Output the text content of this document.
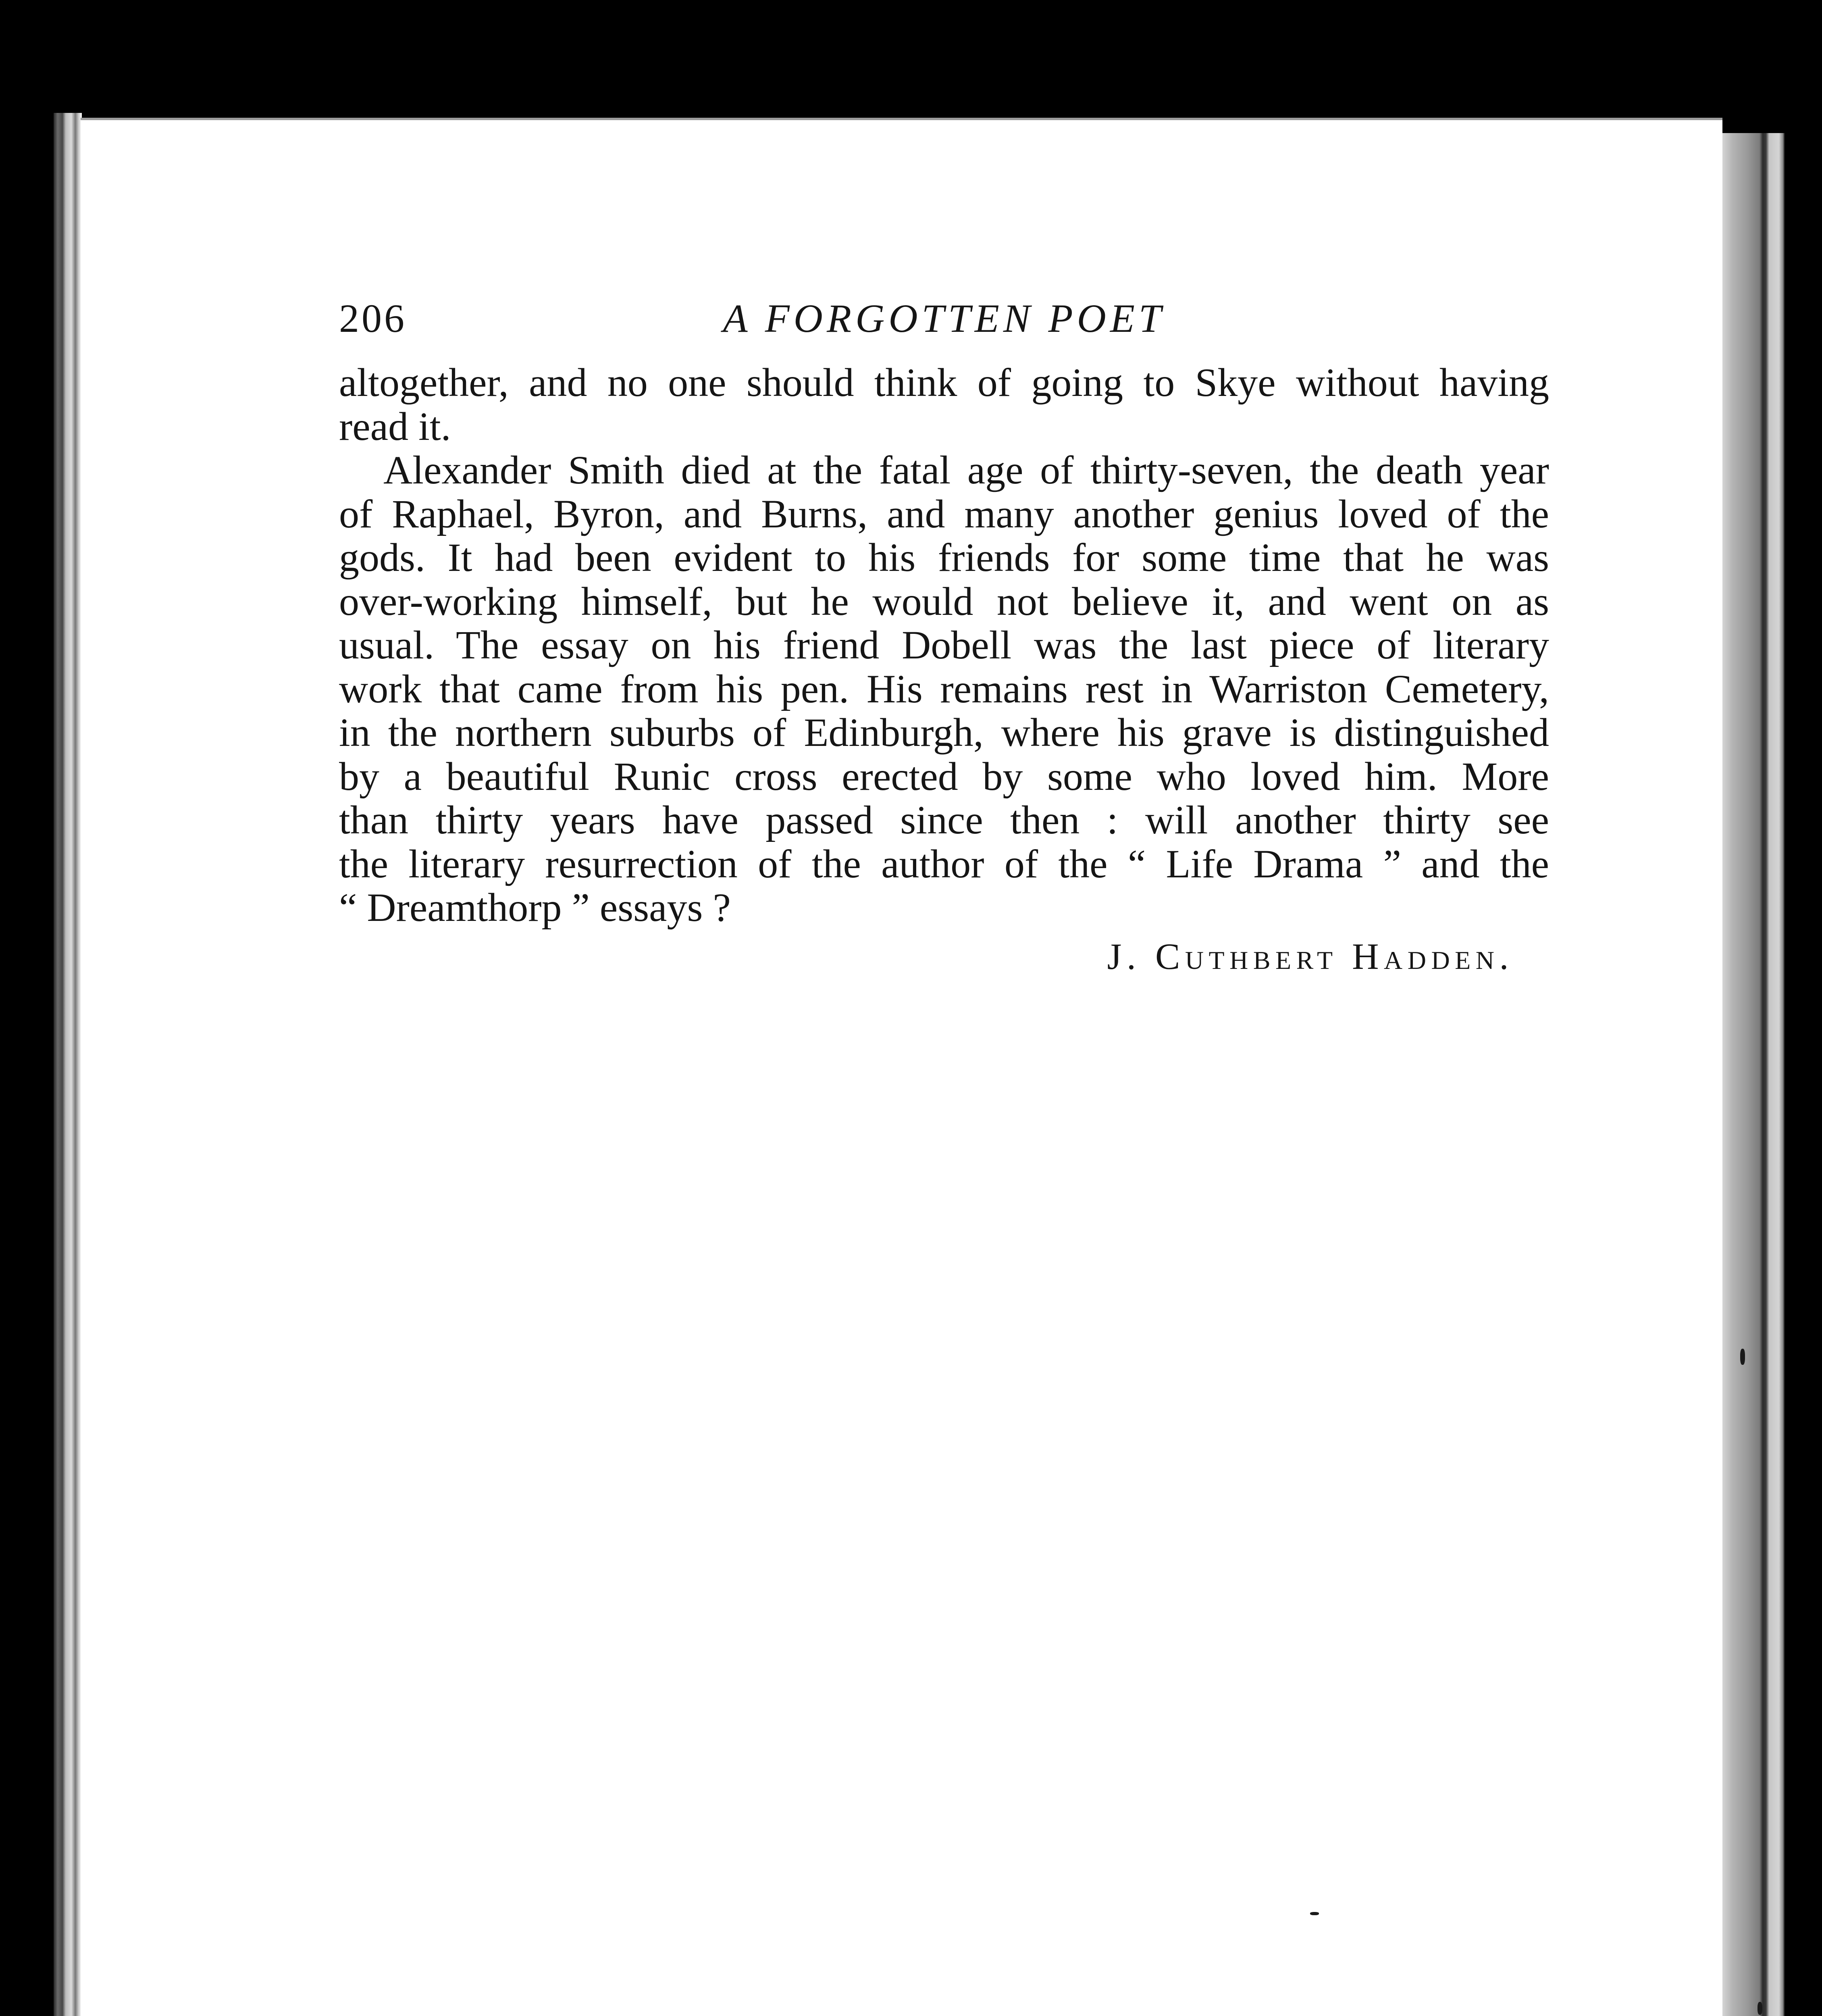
206	A FORGOTTEN POET
altogether, and no one should think of going to Skye without having
read it.
Alexander Smith died at the fatal age of thirty-seven, the death year
of Raphael, Byron, and Burns, and many another genius loved of the
gods. It had been evident to his friends for some time that he was
over-working himself, but he would not believe it, and went on as
usual. The essay on his friend Dobell was the last piece of literary
work that came from his pen. His remains rest in Warriston Cemetery,
in the northern suburbs of Edinburgh, where his grave is distinguished
by a beautiful Runic cross erected by some who loved him. More
than thirty years have passed since then : will another thirty see
the literary resurrection of the author of the “ Life Drama ” and the
“ Dreamthorp ” essays ?
J. Cuthbert Hadden.
